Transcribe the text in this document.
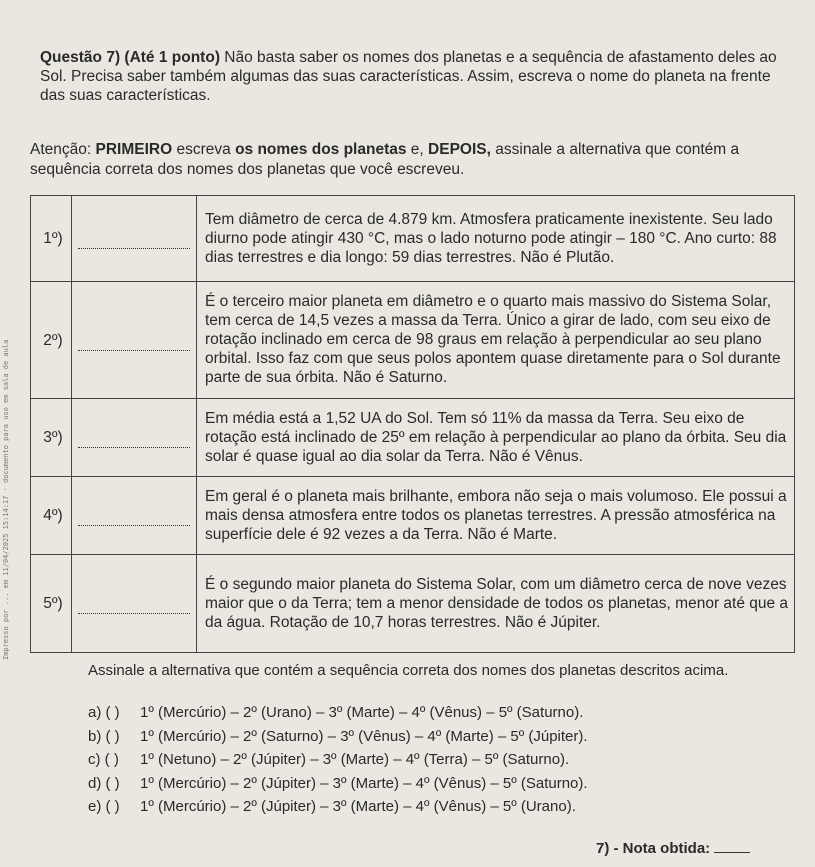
Impresso por ... em 11/04/2025 15:14:17 · documento para uso em sala de aula
Questão 7) (Até 1 ponto) Não basta saber os nomes dos planetas e a sequência de afastamento deles ao Sol. Precisa saber também algumas das suas características. Assim, escreva o nome do planeta na frente das suas características.
Atenção: PRIMEIRO escreva os nomes dos planetas e, DEPOIS, assinale a alternativa que contém a sequência correta dos nomes dos planetas que você escreveu.
1º)		Tem diâmetro de cerca de 4.879 km. Atmosfera praticamente inexistente. Seu lado diurno pode atingir 430 °C, mas o lado noturno pode atingir – 180 °C. Ano curto: 88 dias terrestres e dia longo: 59 dias terrestres. Não é Plutão.
2º)		É o terceiro maior planeta em diâmetro e o quarto mais massivo do Sistema Solar, tem cerca de 14,5 vezes a massa da Terra. Único a girar de lado, com seu eixo de rotação inclinado em cerca de 98 graus em relação à perpendicular ao seu plano orbital. Isso faz com que seus polos apontem quase diretamente para o Sol durante parte de sua órbita. Não é Saturno.
3º)		Em média está a 1,52 UA do Sol. Tem só 11% da massa da Terra. Seu eixo de rotação está inclinado de 25º em relação à perpendicular ao plano da órbita. Seu dia solar é quase igual ao dia solar da Terra. Não é Vênus.
4º)		Em geral é o planeta mais brilhante, embora não seja o mais volumoso. Ele possui a mais densa atmosfera entre todos os planetas terrestres. A pressão atmosférica na superfície dele é 92 vezes a da Terra. Não é Marte.
5º)		É o segundo maior planeta do Sistema Solar, com um diâmetro cerca de nove vezes maior que o da Terra; tem a menor densidade de todos os planetas, menor até que a da água. Rotação de 10,7 horas terrestres. Não é Júpiter.
Assinale a alternativa que contém a sequência correta dos nomes dos planetas descritos acima.
a) ( ) 1º (Mercúrio) – 2º (Urano) – 3º (Marte) – 4º (Vênus) – 5º (Saturno).
b) ( ) 1º (Mercúrio) – 2º (Saturno) – 3º (Vênus) – 4º (Marte) – 5º (Júpiter).
c) ( ) 1º (Netuno) – 2º (Júpiter) – 3º (Marte) – 4º (Terra) – 5º (Saturno).
d) ( ) 1º (Mercúrio) – 2º (Júpiter) – 3º (Marte) – 4º (Vênus) – 5º (Saturno).
e) ( ) 1º (Mercúrio) – 2º (Júpiter) – 3º (Marte) – 4º (Vênus) – 5º (Urano).
7) - Nota obtida:
